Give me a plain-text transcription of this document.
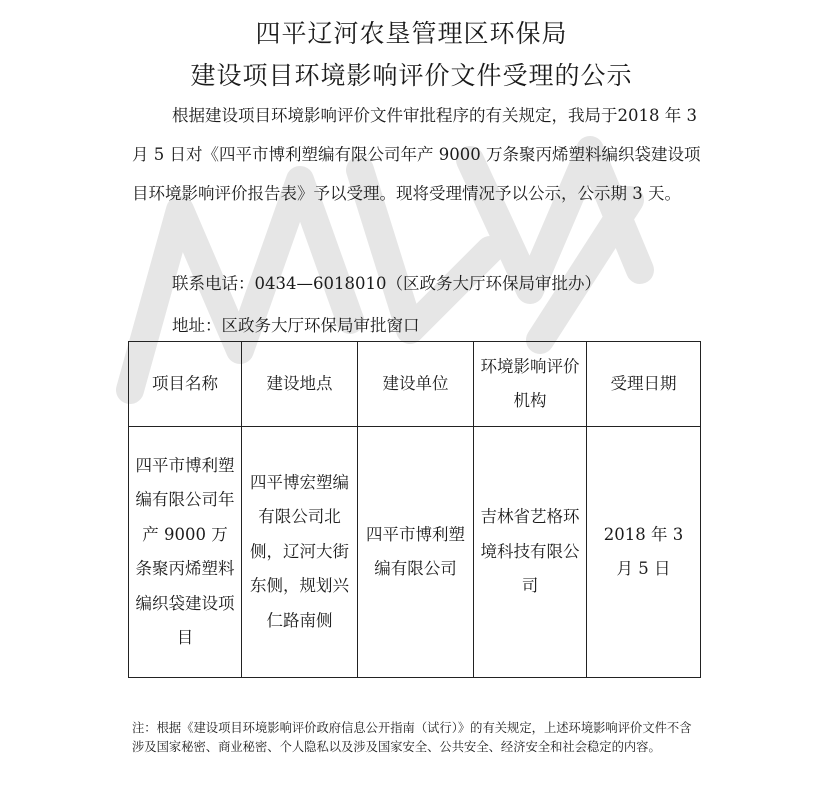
四平辽河农垦管理区环保局
建设项目环境影响评价文件受理的公示
根据建设项目环境影响评价文件审批程序的有关规定，我局于2018 年 3 月 5 日对《四平市博利塑编有限公司年产 9000 万条聚丙烯塑料编织袋建设项目环境影响评价报告表》予以受理。现将受理情况予以公示，公示期 3 天。
联系电话：0434—6018010（区政务大厅环保局审批办）
地址：区政务大厅环保局审批窗口
项目名称	建设地点	建设单位	环境影响评价机构	受理日期
四平市博利塑编有限公司年产 9000 万条聚丙烯塑料编织袋建设项目	四平博宏塑编有限公司北侧，辽河大街东侧，规划兴仁路南侧	四平市博利塑编有限公司	吉林省艺格环境科技有限公司	2018 年 3 月 5 日
注：根据《建设项目环境影响评价政府信息公开指南（试行）》的有关规定，上述环境影响评价文件不含涉及国家秘密、商业秘密、个人隐私以及涉及国家安全、公共安全、经济安全和社会稳定的内容。
